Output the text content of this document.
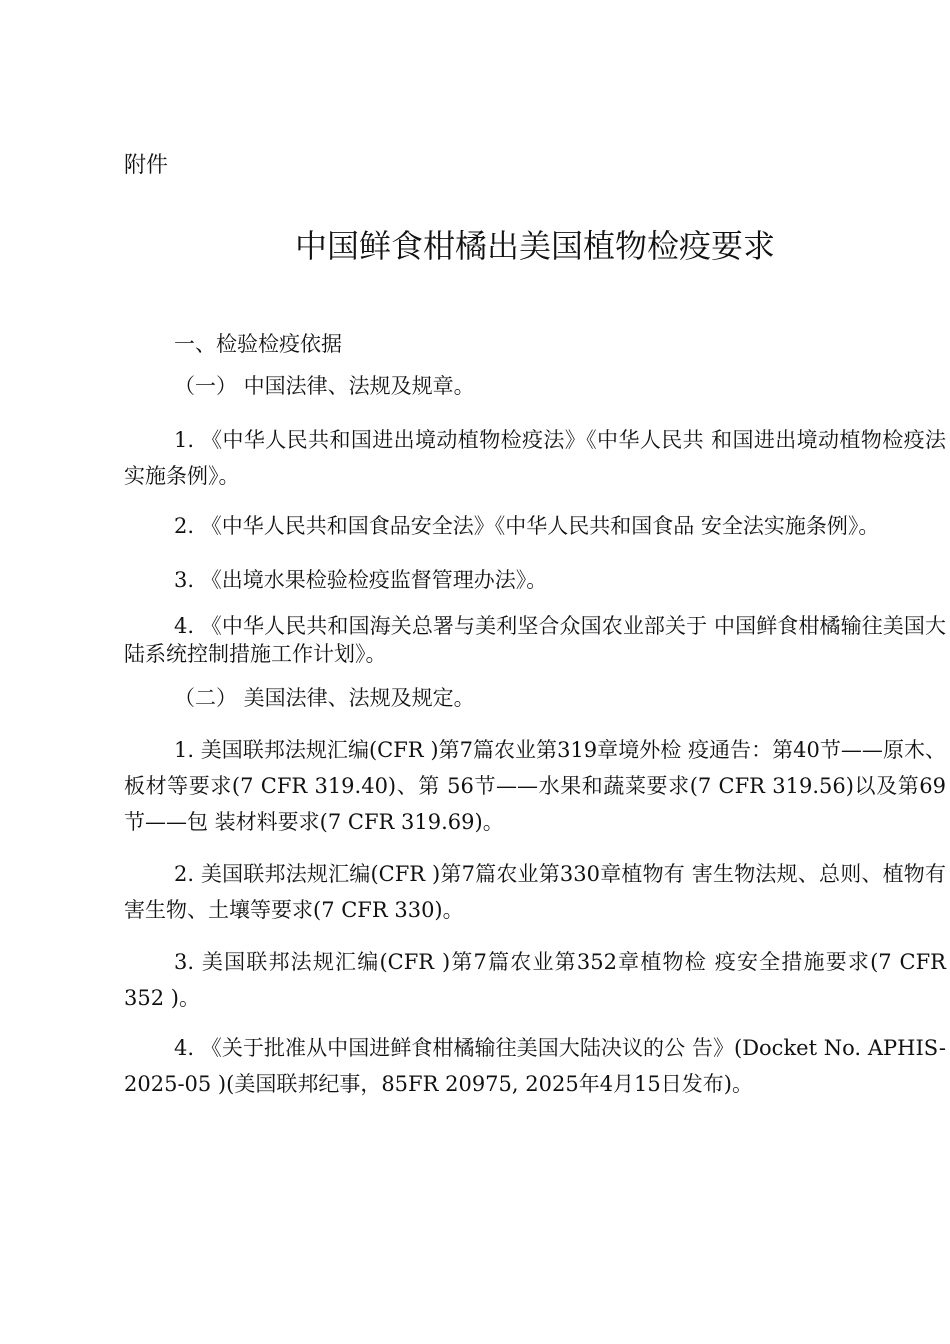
附件
中国鲜食柑橘出美国植物检疫要求

一、检验检疫依据

（一） 中国法律、法规及规章。

1. 《中华人民共和国进出境动植物检疫法》《中华人民共 和国进出境动植物检疫法实施条例》。

2. 《中华人民共和国食品安全法》《中华人民共和国食品 安全法实施条例》。

3. 《出境水果检验检疫监督管理办法》。

4. 《中华人民共和国海关总署与美利坚合众国农业部关于 中国鲜食柑橘输往美国大陆系统控制措施工作计划》。

（二） 美国法律、法规及规定。

1. 美国联邦法规汇编(CFR )第7篇农业第319章境外检 疫通告：第40节——原木、板材等要求(7 CFR 319.40)、第 56节——水果和蔬菜要求(7 CFR 319.56)以及第69节——包 装材料要求(7 CFR 319.69)。

2. 美国联邦法规汇编(CFR )第7篇农业第330章植物有 害生物法规、总则、植物有害生物、土壤等要求(7 CFR 330)。

3. 美国联邦法规汇编(CFR )第7篇农业第352章植物检 疫安全措施要求(7 CFR 352 )。

4. 《关于批准从中国进鲜食柑橘输往美国大陆决议的公 告》(Docket No. APHIS-2025-05 )(美国联邦纪事，85FR 20975, 2025年4月15日发布)。
